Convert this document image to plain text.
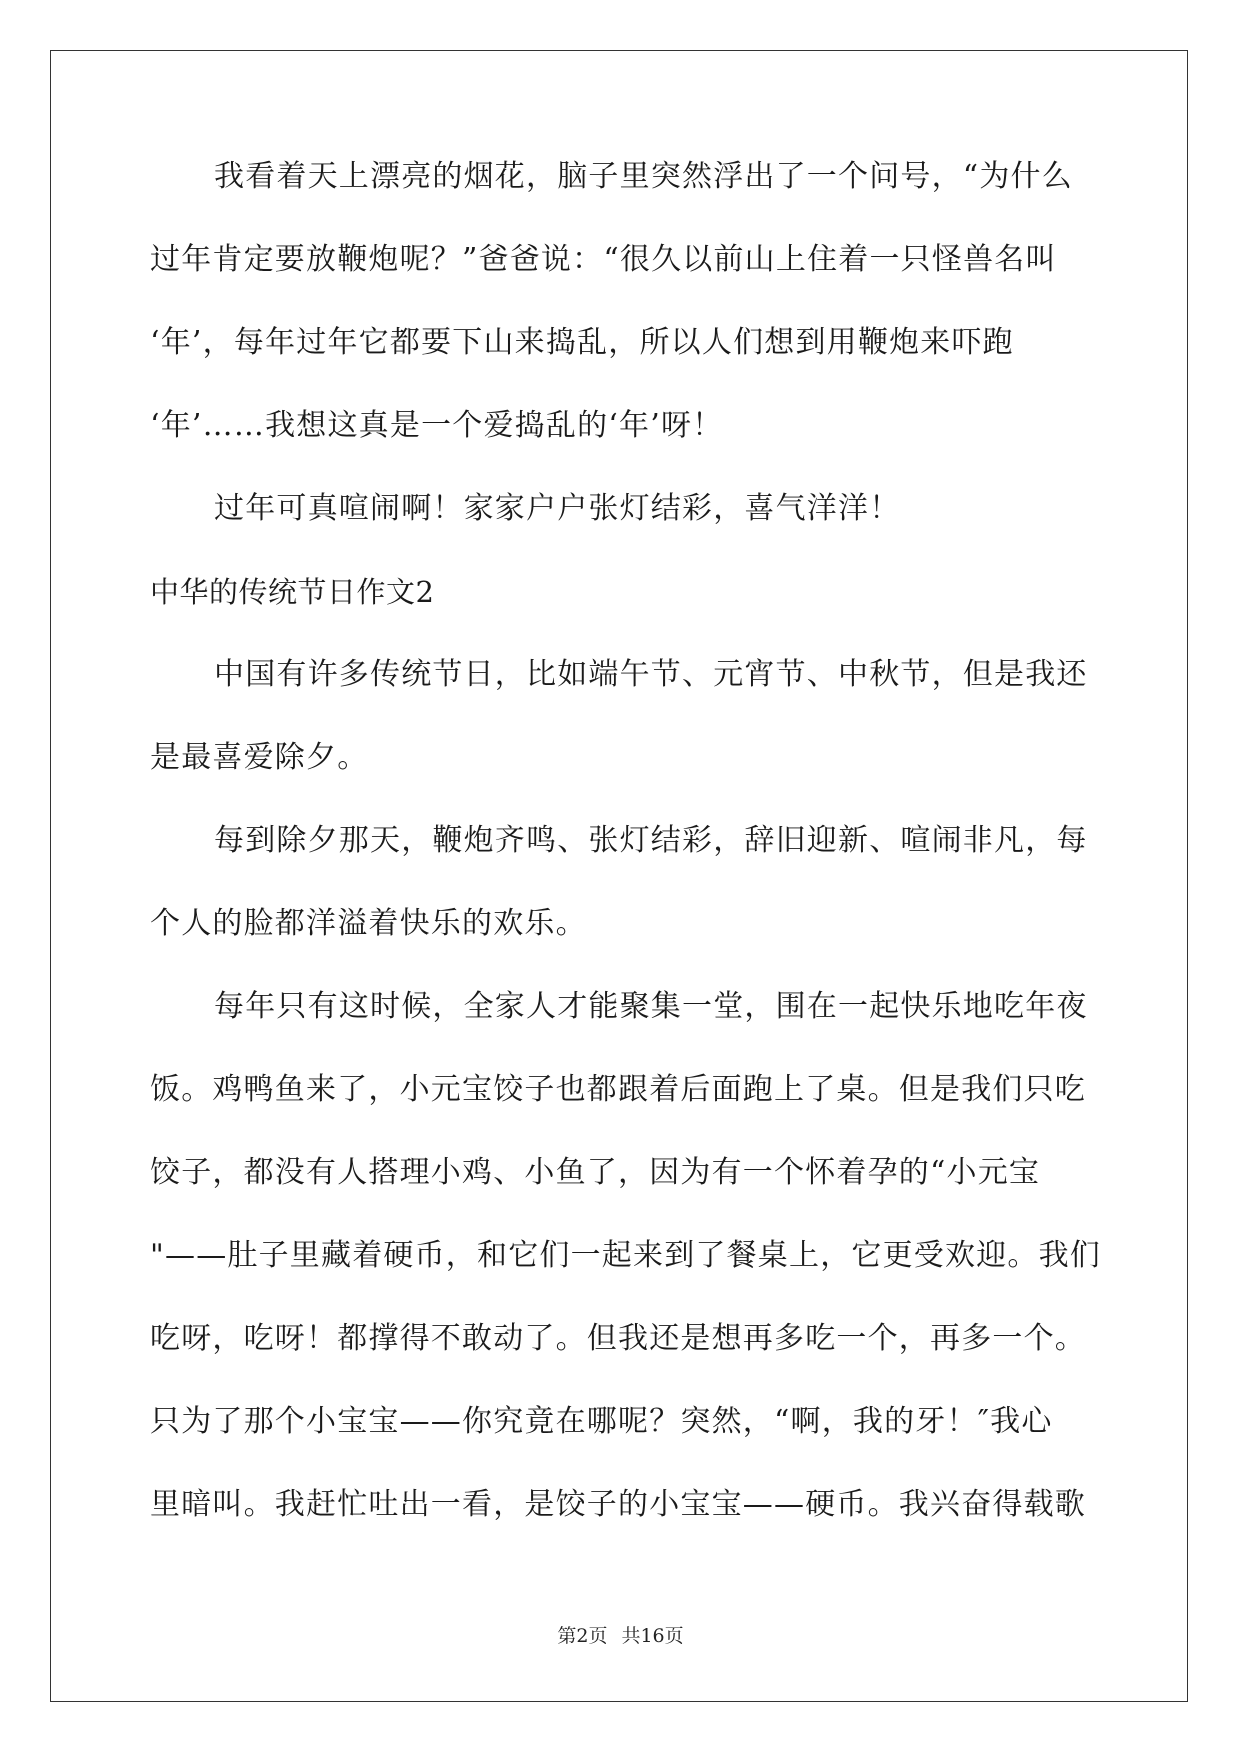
我看着天上漂亮的烟花，脑子里突然浮出了一个问号，“为什么
过年肯定要放鞭炮呢？”爸爸说：“很久以前山上住着一只怪兽名叫
‘年’，每年过年它都要下山来捣乱，所以人们想到用鞭炮来吓跑
‘年’……我想这真是一个爱捣乱的‘年’呀！
过年可真喧闹啊！家家户户张灯结彩，喜气洋洋！
中华的传统节日作文2
中国有许多传统节日，比如端午节、元宵节、中秋节，但是我还
是最喜爱除夕。
每到除夕那天，鞭炮齐鸣、张灯结彩，辞旧迎新、喧闹非凡，每
个人的脸都洋溢着快乐的欢乐。
每年只有这时候，全家人才能聚集一堂，围在一起快乐地吃年夜
饭。鸡鸭鱼来了，小元宝饺子也都跟着后面跑上了桌。但是我们只吃
饺子，都没有人搭理小鸡、小鱼了，因为有一个怀着孕的“小元宝
"——肚子里藏着硬币，和它们一起来到了餐桌上，它更受欢迎。我们
吃呀，吃呀！都撑得不敢动了。但我还是想再多吃一个，再多一个。
只为了那个小宝宝——你究竟在哪呢？突然，“啊，我的牙！″我心
里暗叫。我赶忙吐出一看，是饺子的小宝宝——硬币。我兴奋得载歌
第2页 共16页
